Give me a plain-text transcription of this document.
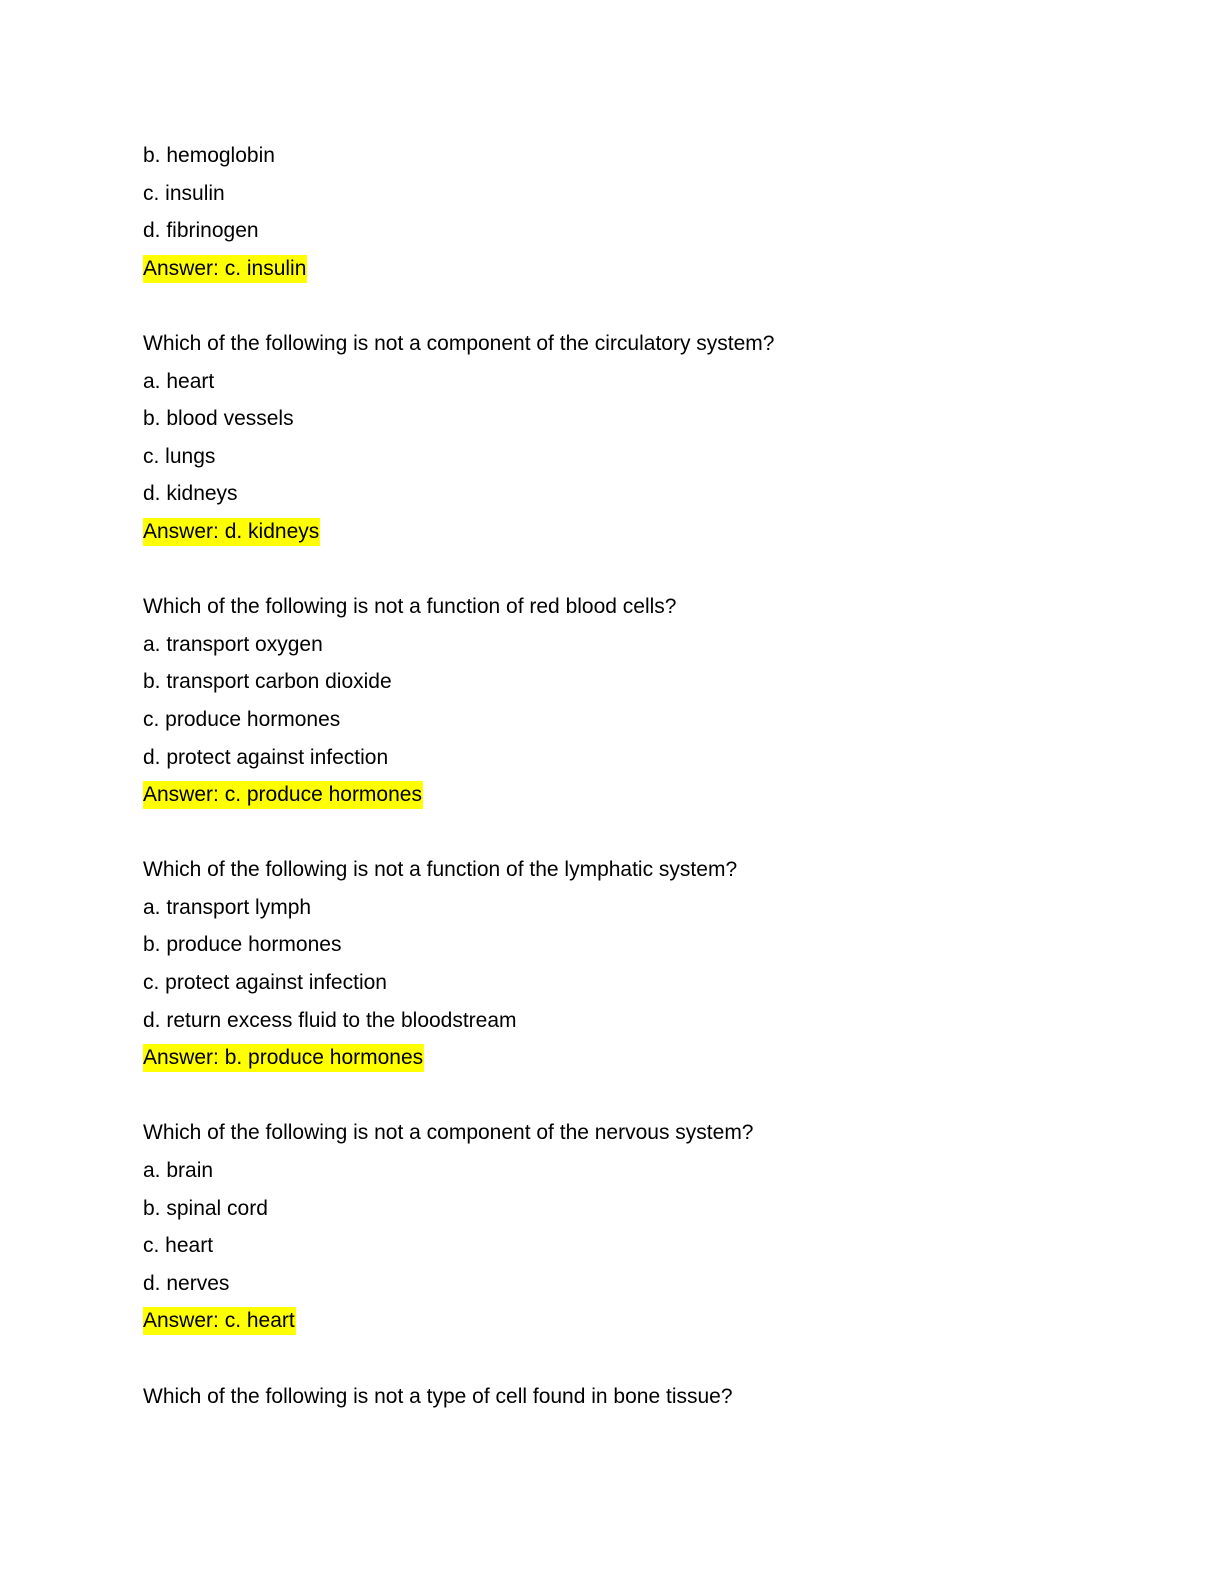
b. hemoglobin
c. insulin
d. fibrinogen
Answer: c. insulin
Which of the following is not a component of the circulatory system?
a. heart
b. blood vessels
c. lungs
d. kidneys
Answer: d. kidneys
Which of the following is not a function of red blood cells?
a. transport oxygen
b. transport carbon dioxide
c. produce hormones
d. protect against infection
Answer: c. produce hormones
Which of the following is not a function of the lymphatic system?
a. transport lymph
b. produce hormones
c. protect against infection
d. return excess fluid to the bloodstream
Answer: b. produce hormones
Which of the following is not a component of the nervous system?
a. brain
b. spinal cord
c. heart
d. nerves
Answer: c. heart
Which of the following is not a type of cell found in bone tissue?
